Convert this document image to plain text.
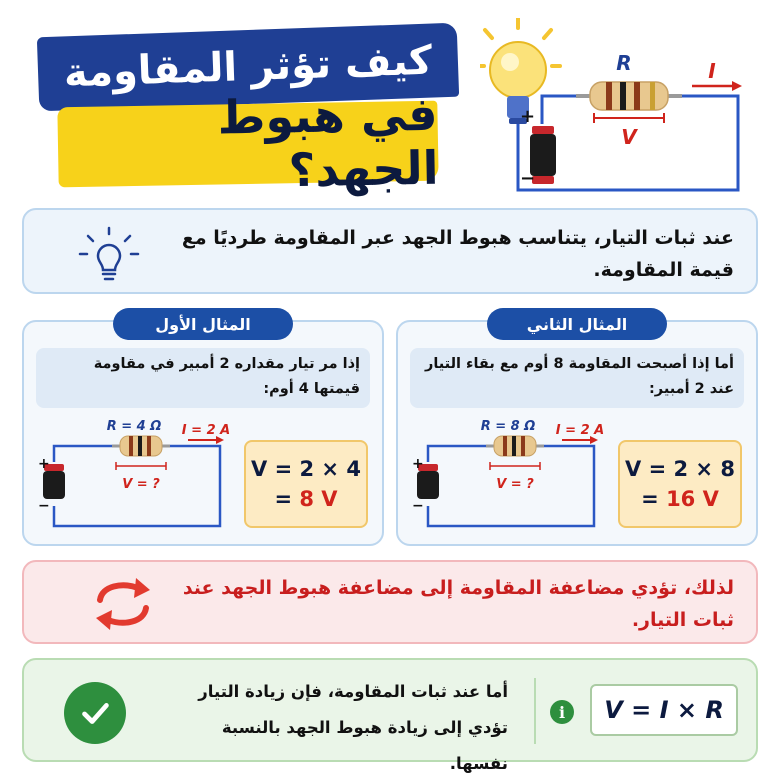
كيف تؤثر المقاومة
في هبوط الجهد؟
+
−
R	I
V
عند ثبات التيار، يتناسب هبوط الجهد عبر المقاومة طرديًا مع قيمة المقاومة.
المثال الأول
إذا مر تيار مقداره 2 أمبير في مقاومة قيمتها 4 أوم:
+
−
R = 4 Ω I = 2 A
V = ?
V = 2 × 4
= 8 V
المثال الثاني
أما إذا أصبحت المقاومة 8 أوم مع بقاء التيار عند 2 أمبير:
+
−
R = 8 Ω I = 2 A
V = ?
V = 2 × 8
= 16 V
لذلك، تؤدي مضاعفة المقاومة إلى مضاعفة هبوط الجهد عند ثبات التيار.
أما عند ثبات المقاومة، فإن زيادة التيار تؤدي إلى زيادة هبوط الجهد بالنسبة نفسها.
i	V = I × R
